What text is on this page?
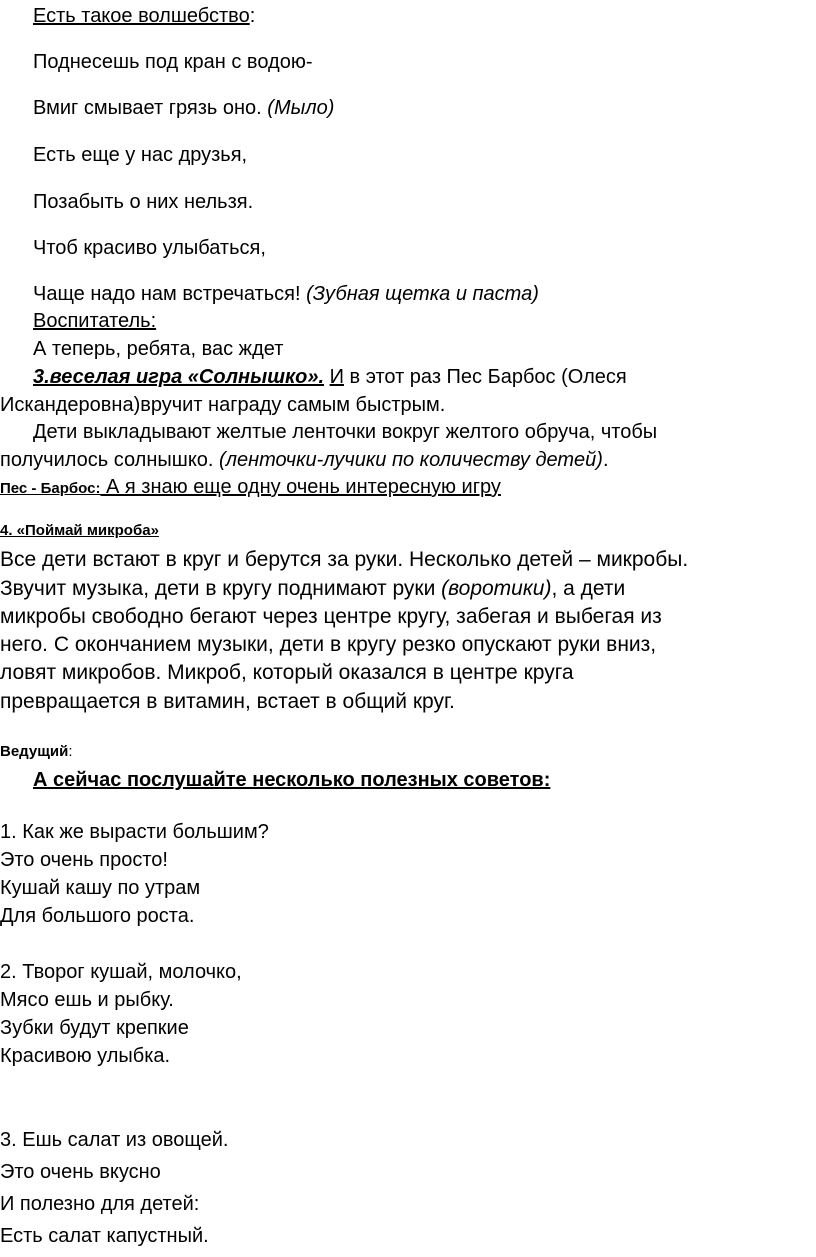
Есть такое волшебство:
Поднесешь под кран с водою-
Вмиг смывает грязь оно. (Мыло)
Есть еще у нас друзья,
Позабыть о них нельзя.
Чтоб красиво улыбаться,
Чаще надо нам встречаться! (Зубная щетка и паста)
Воспитатель:
А теперь, ребята, вас ждет
3.веселая игра «Солнышко». И в этот раз Пес Барбос (Олеся
Искандеровна)вручит награду самым быстрым.
Дети выкладывают желтые ленточки вокруг желтого обруча, чтобы
получилось солнышко. (ленточки-лучики по количеству детей).
Пес - Барбос: А я знаю еще одну очень интересную игру
4. «Поймай микроба»
Все дети встают в круг и берутся за руки. Несколько детей – микробы.
Звучит музыка, дети в кругу поднимают руки (воротики), а дети
микробы свободно бегают через центре кругу, забегая и выбегая из
него. С окончанием музыки, дети в кругу резко опускают руки вниз,
ловят микробов. Микроб, который оказался в центре круга
превращается в витамин, встает в общий круг.
Ведущий:
А сейчас послушайте несколько полезных советов:
1. Как же вырасти большим?
Это очень просто!
Кушай кашу по утрам
Для большого роста.
2. Творог кушай, молочко,
Мясо ешь и рыбку.
Зубки будут крепкие
Красивою улыбка.
3. Ешь салат из овощей.
Это очень вкусно
И полезно для детей:
Есть салат капустный.
